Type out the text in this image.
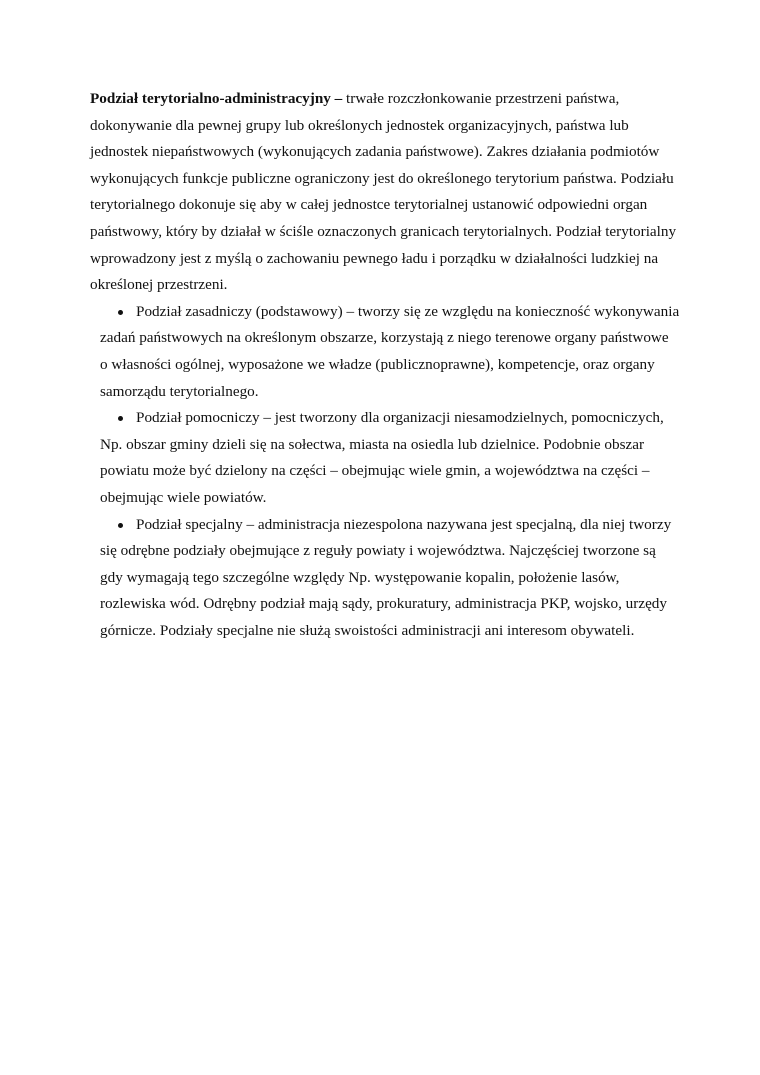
Podział terytorialno-administracyjny – trwałe rozczłonkowanie przestrzeni państwa, dokonywanie dla pewnej grupy lub określonych jednostek organizacyjnych, państwa lub jednostek niepaństwowych (wykonujących zadania państwowe). Zakres działania podmiotów wykonujących funkcje publiczne ograniczony jest do określonego terytorium państwa. Podziału terytorialnego dokonuje się aby w całej jednostce terytorialnej ustanowić odpowiedni organ państwowy, który by działał w ściśle oznaczonych granicach terytorialnych. Podział terytorialny wprowadzony jest z myślą o zachowaniu pewnego ładu i porządku w działalności ludzkiej na określonej przestrzeni.

Podział zasadniczy (podstawowy) – tworzy się ze względu na konieczność wykonywania zadań państwowych na określonym obszarze, korzystają z niego terenowe organy państwowe o własności ogólnej, wyposażone we władze (publicznoprawne), kompetencje, oraz organy samorządu terytorialnego.
Podział pomocniczy – jest tworzony dla organizacji niesamodzielnych, pomocniczych, Np. obszar gminy dzieli się na sołectwa, miasta na osiedla lub dzielnice. Podobnie obszar powiatu może być dzielony na części – obejmując wiele gmin, a województwa na części – obejmując wiele powiatów.
Podział specjalny – administracja niezespolona nazywana jest specjalną, dla niej tworzy się odrębne podziały obejmujące z reguły powiaty i województwa. Najczęściej tworzone są gdy wymagają tego szczególne względy Np. występowanie kopalin, położenie lasów, rozlewiska wód. Odrębny podział mają sądy, prokuratury, administracja PKP, wojsko, urzędy górnicze. Podziały specjalne nie służą swoistości administracji ani interesom obywateli.
